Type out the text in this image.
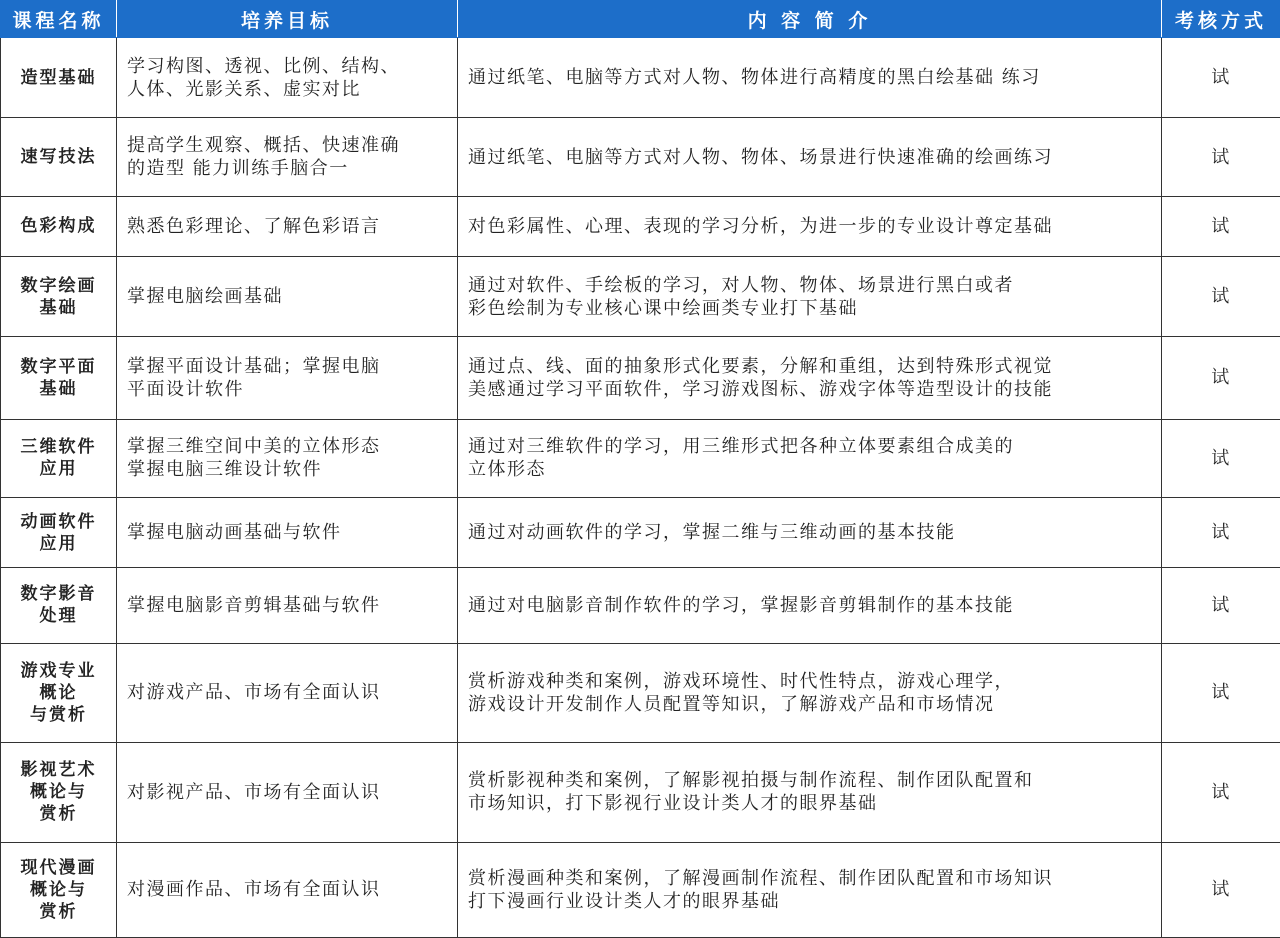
课程名称	培养目标	内 容 简 介	考核方式

造型基础	学习构图、透视、比例、结构、
人体、光影关系、虚实对比	通过纸笔、电脑等方式对人物、物体进行高精度的黑白绘基础 练习	试

速写技法	提高学生观察、概括、快速准确
的造型 能力训练手脑合一	通过纸笔、电脑等方式对人物、物体、场景进行快速准确的绘画练习	试

色彩构成	熟悉色彩理论、了解色彩语言	对色彩属性、心理、表现的学习分析，为进一步的专业设计尊定基础	试

数字绘画
基础	掌握电脑绘画基础	通过对软件、手绘板的学习，对人物、物体、场景进行黑白或者
彩色绘制为专业核心课中绘画类专业打下基础	试

数字平面
基础	掌握平面设计基础；掌握电脑
平面设计软件	通过点、线、面的抽象形式化要素，分解和重组，达到特殊形式视觉
美感通过学习平面软件，学习游戏图标、游戏字体等造型设计的技能	试

三维软件
应用	掌握三维空间中美的立体形态
掌握电脑三维设计软件	通过对三维软件的学习，用三维形式把各种立体要素组合成美的
立体形态	试

动画软件
应用	掌握电脑动画基础与软件	通过对动画软件的学习，掌握二维与三维动画的基本技能	试

数字影音
处理	掌握电脑影音剪辑基础与软件	通过对电脑影音制作软件的学习，掌握影音剪辑制作的基本技能	试

游戏专业
概论
与赏析	对游戏产品、市场有全面认识	赏析游戏种类和案例，游戏环境性、时代性特点，游戏心理学，
游戏设计开发制作人员配置等知识，了解游戏产品和市场情况	试

影视艺术
概论与
赏析	对影视产品、市场有全面认识	赏析影视种类和案例，了解影视拍摄与制作流程、制作团队配置和
市场知识，打下影视行业设计类人才的眼界基础	试

现代漫画
概论与
赏析	对漫画作品、市场有全面认识	赏析漫画种类和案例，了解漫画制作流程、制作团队配置和市场知识
打下漫画行业设计类人才的眼界基础	试
